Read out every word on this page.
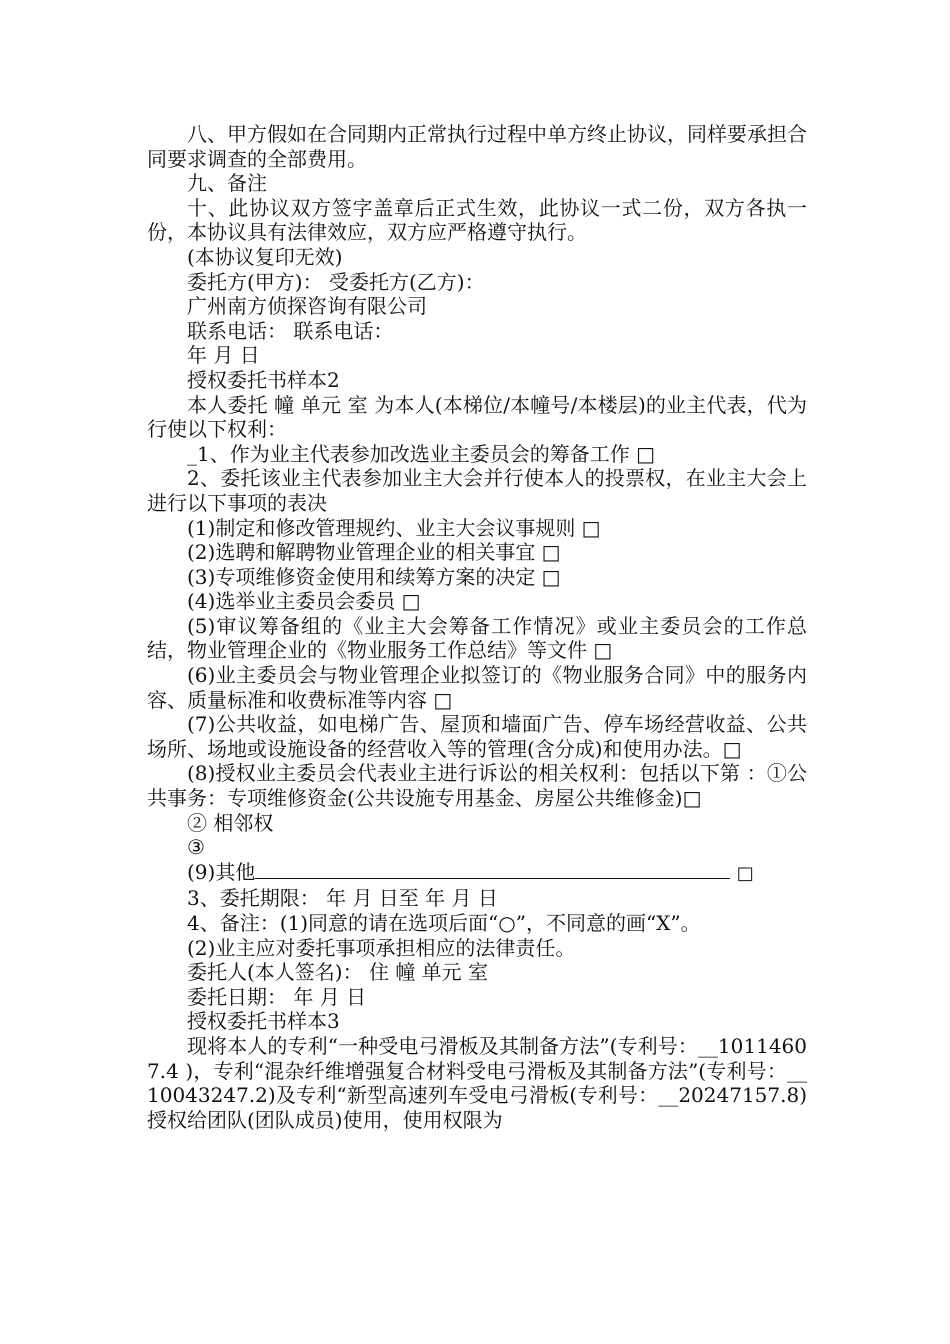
八、甲方假如在合同期内正常执行过程中单方终止协议，同样要承担合同要求调查的全部费用。

九、备注

十、此协议双方签字盖章后正式生效，此协议一式二份，双方各执一份，本协议具有法律效应，双方应严格遵守执行。

(本协议复印无效)

委托方(甲方)： 受委托方(乙方)：

广州南方侦探咨询有限公司

联系电话： 联系电话：

年 月 日

授权委托书样本2

本人委托 幢 单元 室 为本人(本梯位/本幢号/本楼层)的业主代表，代为行使以下权利：

_1、作为业主代表参加改选业主委员会的筹备工作 □

2、委托该业主代表参加业主大会并行使本人的投票权，在业主大会上进行以下事项的表决

(1)制定和修改管理规约、业主大会议事规则 □

(2)选聘和解聘物业管理企业的相关事宜 □

(3)专项维修资金使用和续筹方案的决定 □

(4)选举业主委员会委员 □

(5)审议筹备组的《业主大会筹备工作情况》或业主委员会的工作总结，物业管理企业的《物业服务工作总结》等文件 □

(6)业主委员会与物业管理企业拟签订的《物业服务合同》中的服务内容、质量标准和收费标准等内容 □

(7)公共收益，如电梯广告、屋顶和墙面广告、停车场经营收益、公共场所、场地或设施设备的经营收入等的管理(含分成)和使用办法。□

(8)授权业主委员会代表业主进行诉讼的相关权利：包括以下第 ：①公共事务：专项维修资金(公共设施专用基金、房屋公共维修金)□

② 相邻权

③

(9)其他	□

3、委托期限： 年 月 日至 年 月 日

4、备注：(1)同意的请在选项后面“○”，不同意的画“X”。

(2)业主应对委托事项承担相应的法律责任。

委托人(本人签名)： 住 幢 单元 室

委托日期： 年 月 日

授权委托书样本3

现将本人的专利“一种受电弓滑板及其制备方法”(专利号：__10114607.4 )，专利“混杂纤维增强复合材料受电弓滑板及其制备方法”(专利号：__10043247.2)及专利“新型高速列车受电弓滑板(专利号：__20247157.8)授权给团队(团队成员)使用，使用权限为
